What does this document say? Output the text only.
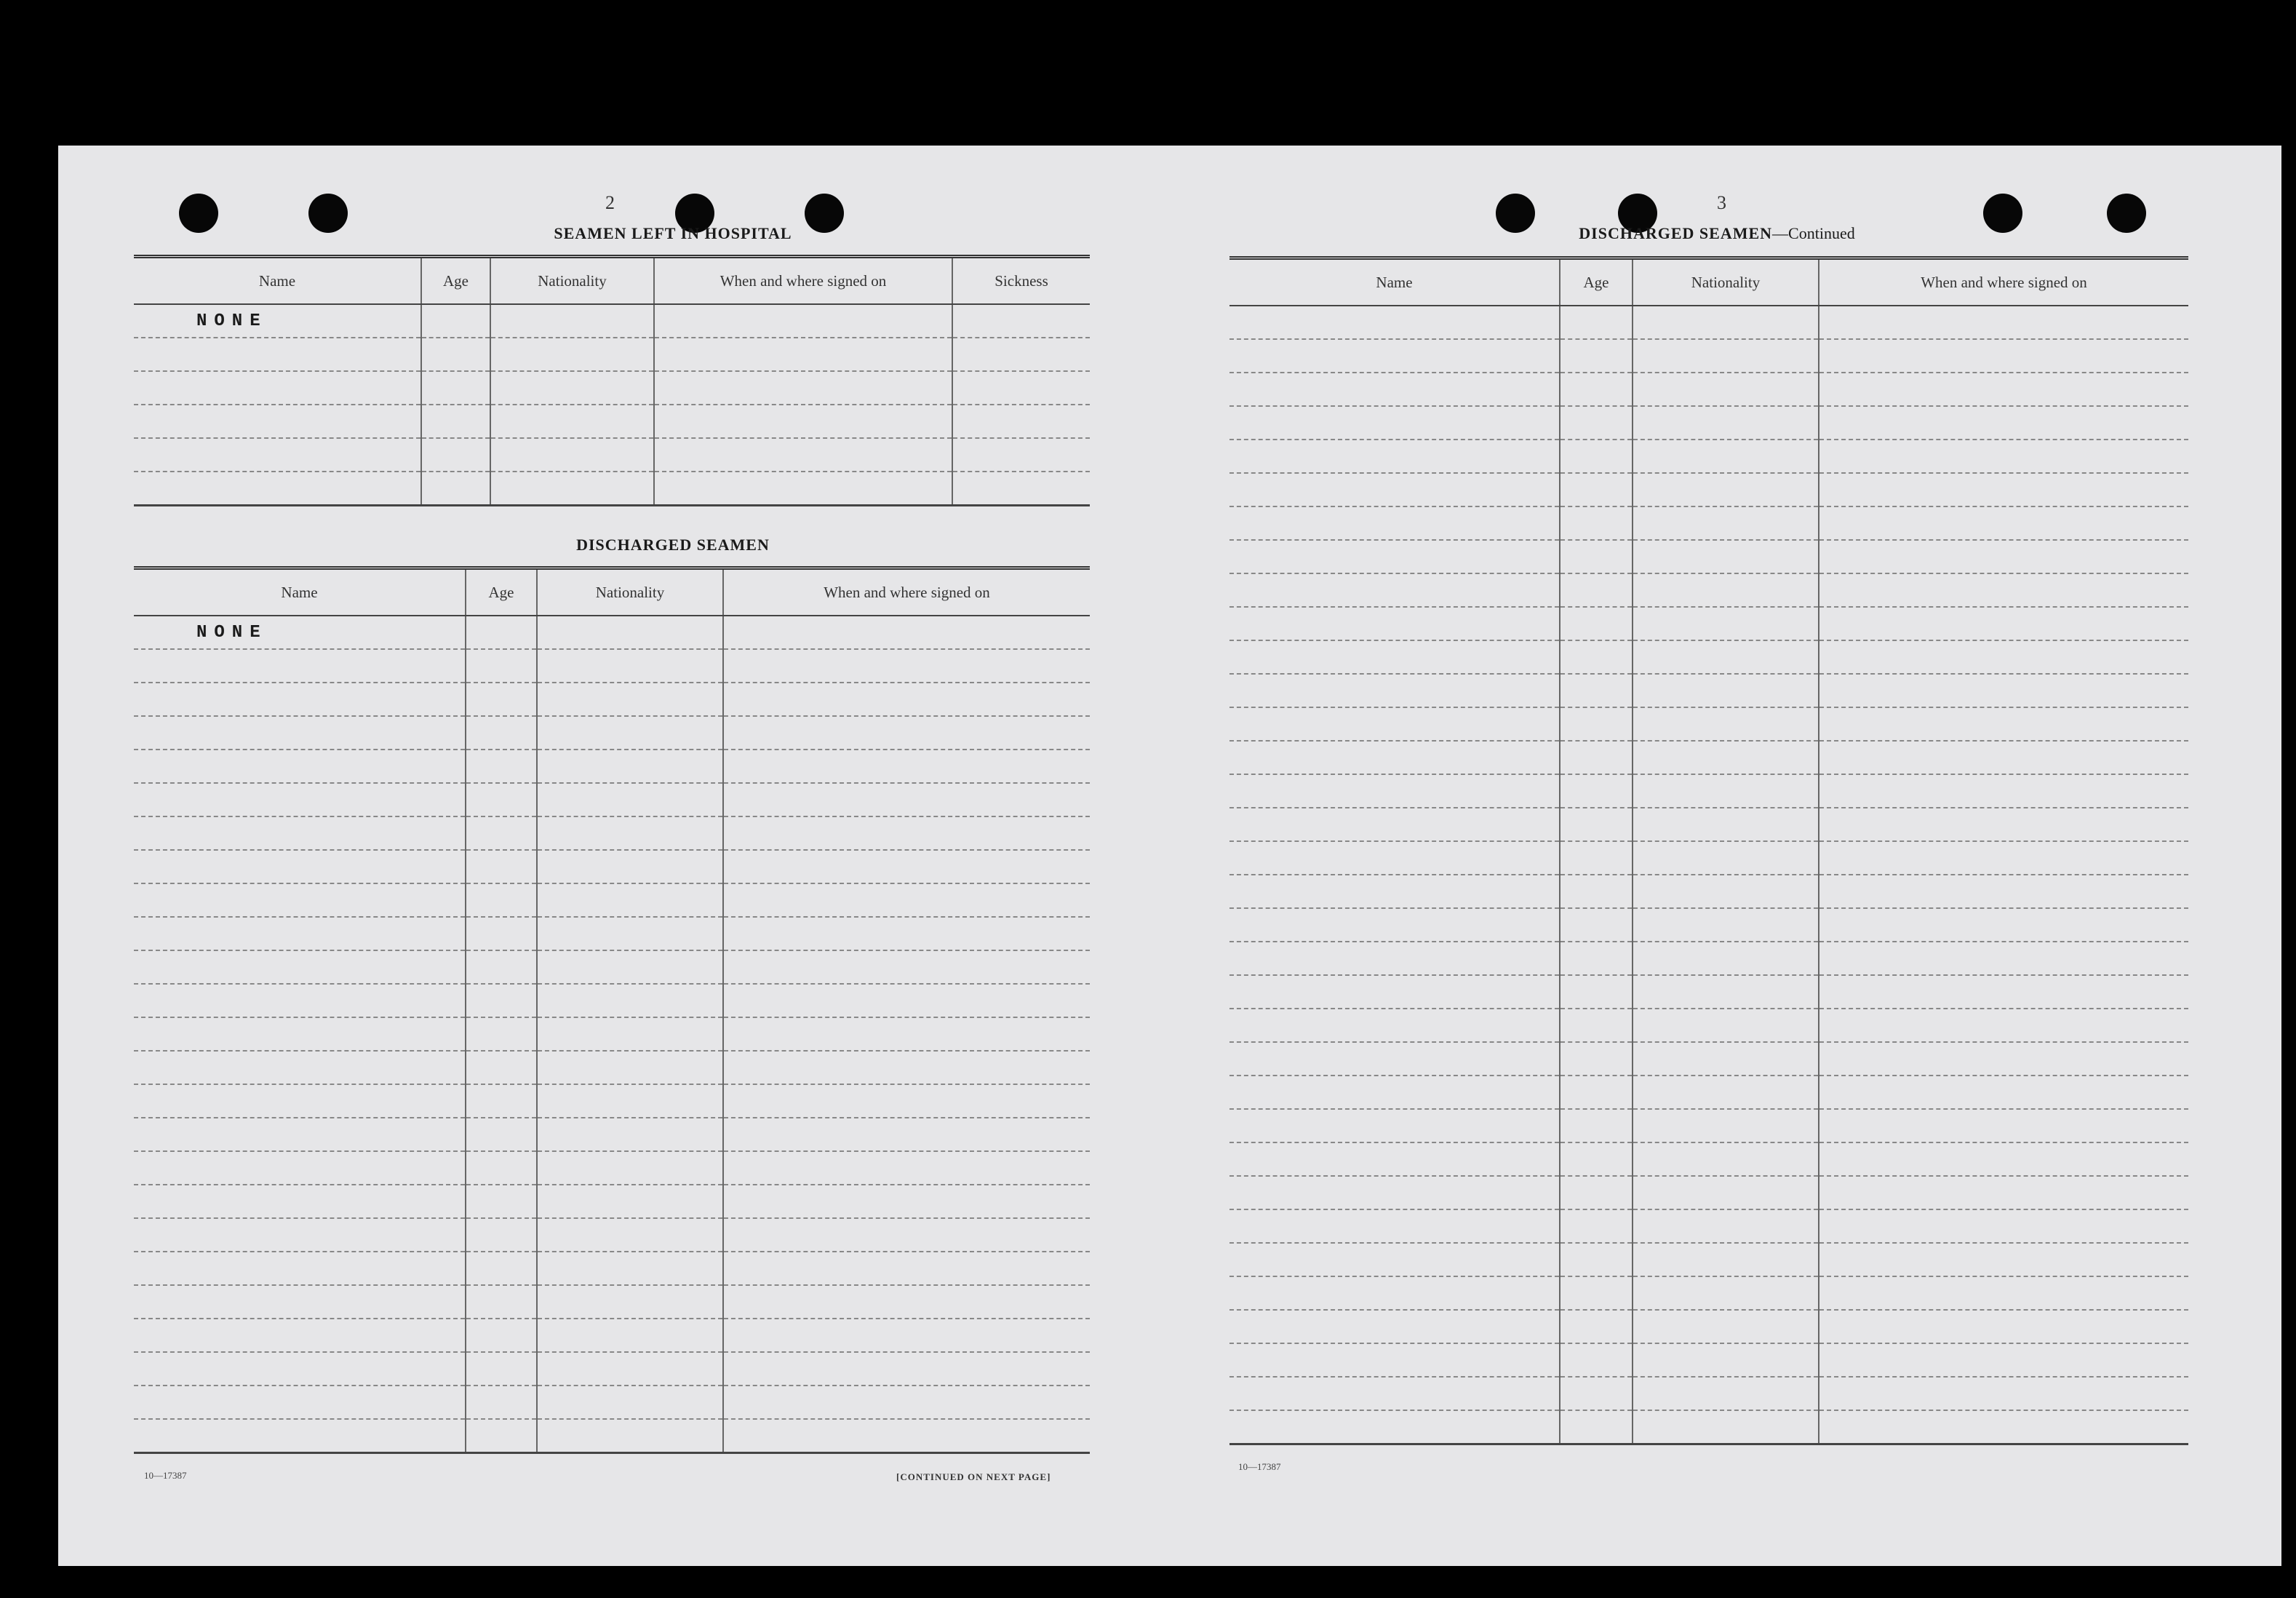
2
SEAMEN LEFT IN HOSPITAL
Name	Age	Nationality	When and where signed on	Sickness
NONE				

DISCHARGED SEAMEN
Name	Age	Nationality	When and where signed on
NONE			

10—17387	[CONTINUED ON NEXT PAGE]
3
DISCHARGED SEAMEN—Continued
Name	Age	Nationality	When and where signed on

10—17387
